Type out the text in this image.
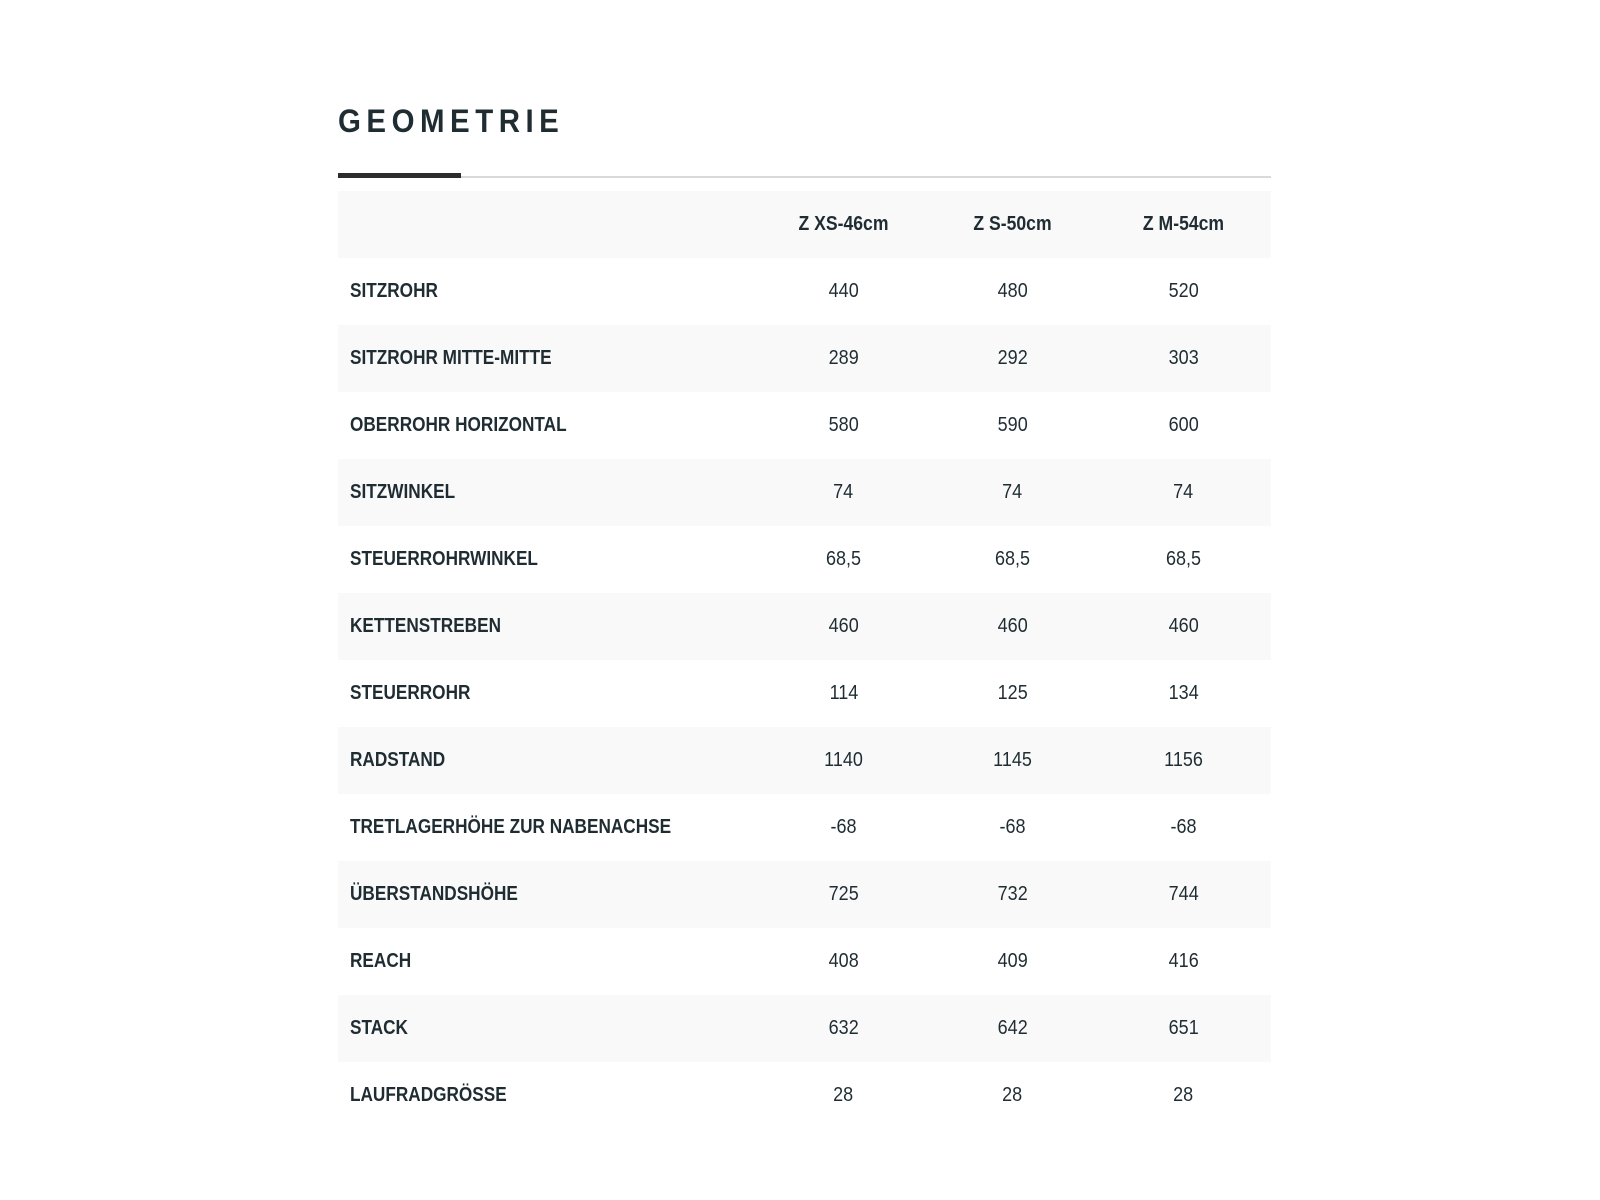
GEOMETRIE
	Z XS-46cm	Z S-50cm	Z M-54cm
SITZROHR	440	480	520
SITZROHR MITTE-MITTE	289	292	303
OBERROHR HORIZONTAL	580	590	600
SITZWINKEL	74	74	74
STEUERROHRWINKEL	68,5	68,5	68,5
KETTENSTREBEN	460	460	460
STEUERROHR	114	125	134
RADSTAND	1140	1145	1156
TRETLAGERHÖHE ZUR NABENACHSE	-68	-68	-68
ÜBERSTANDSHÖHE	725	732	744
REACH	408	409	416
STACK	632	642	651
LAUFRADGRÖSSE	28	28	28
